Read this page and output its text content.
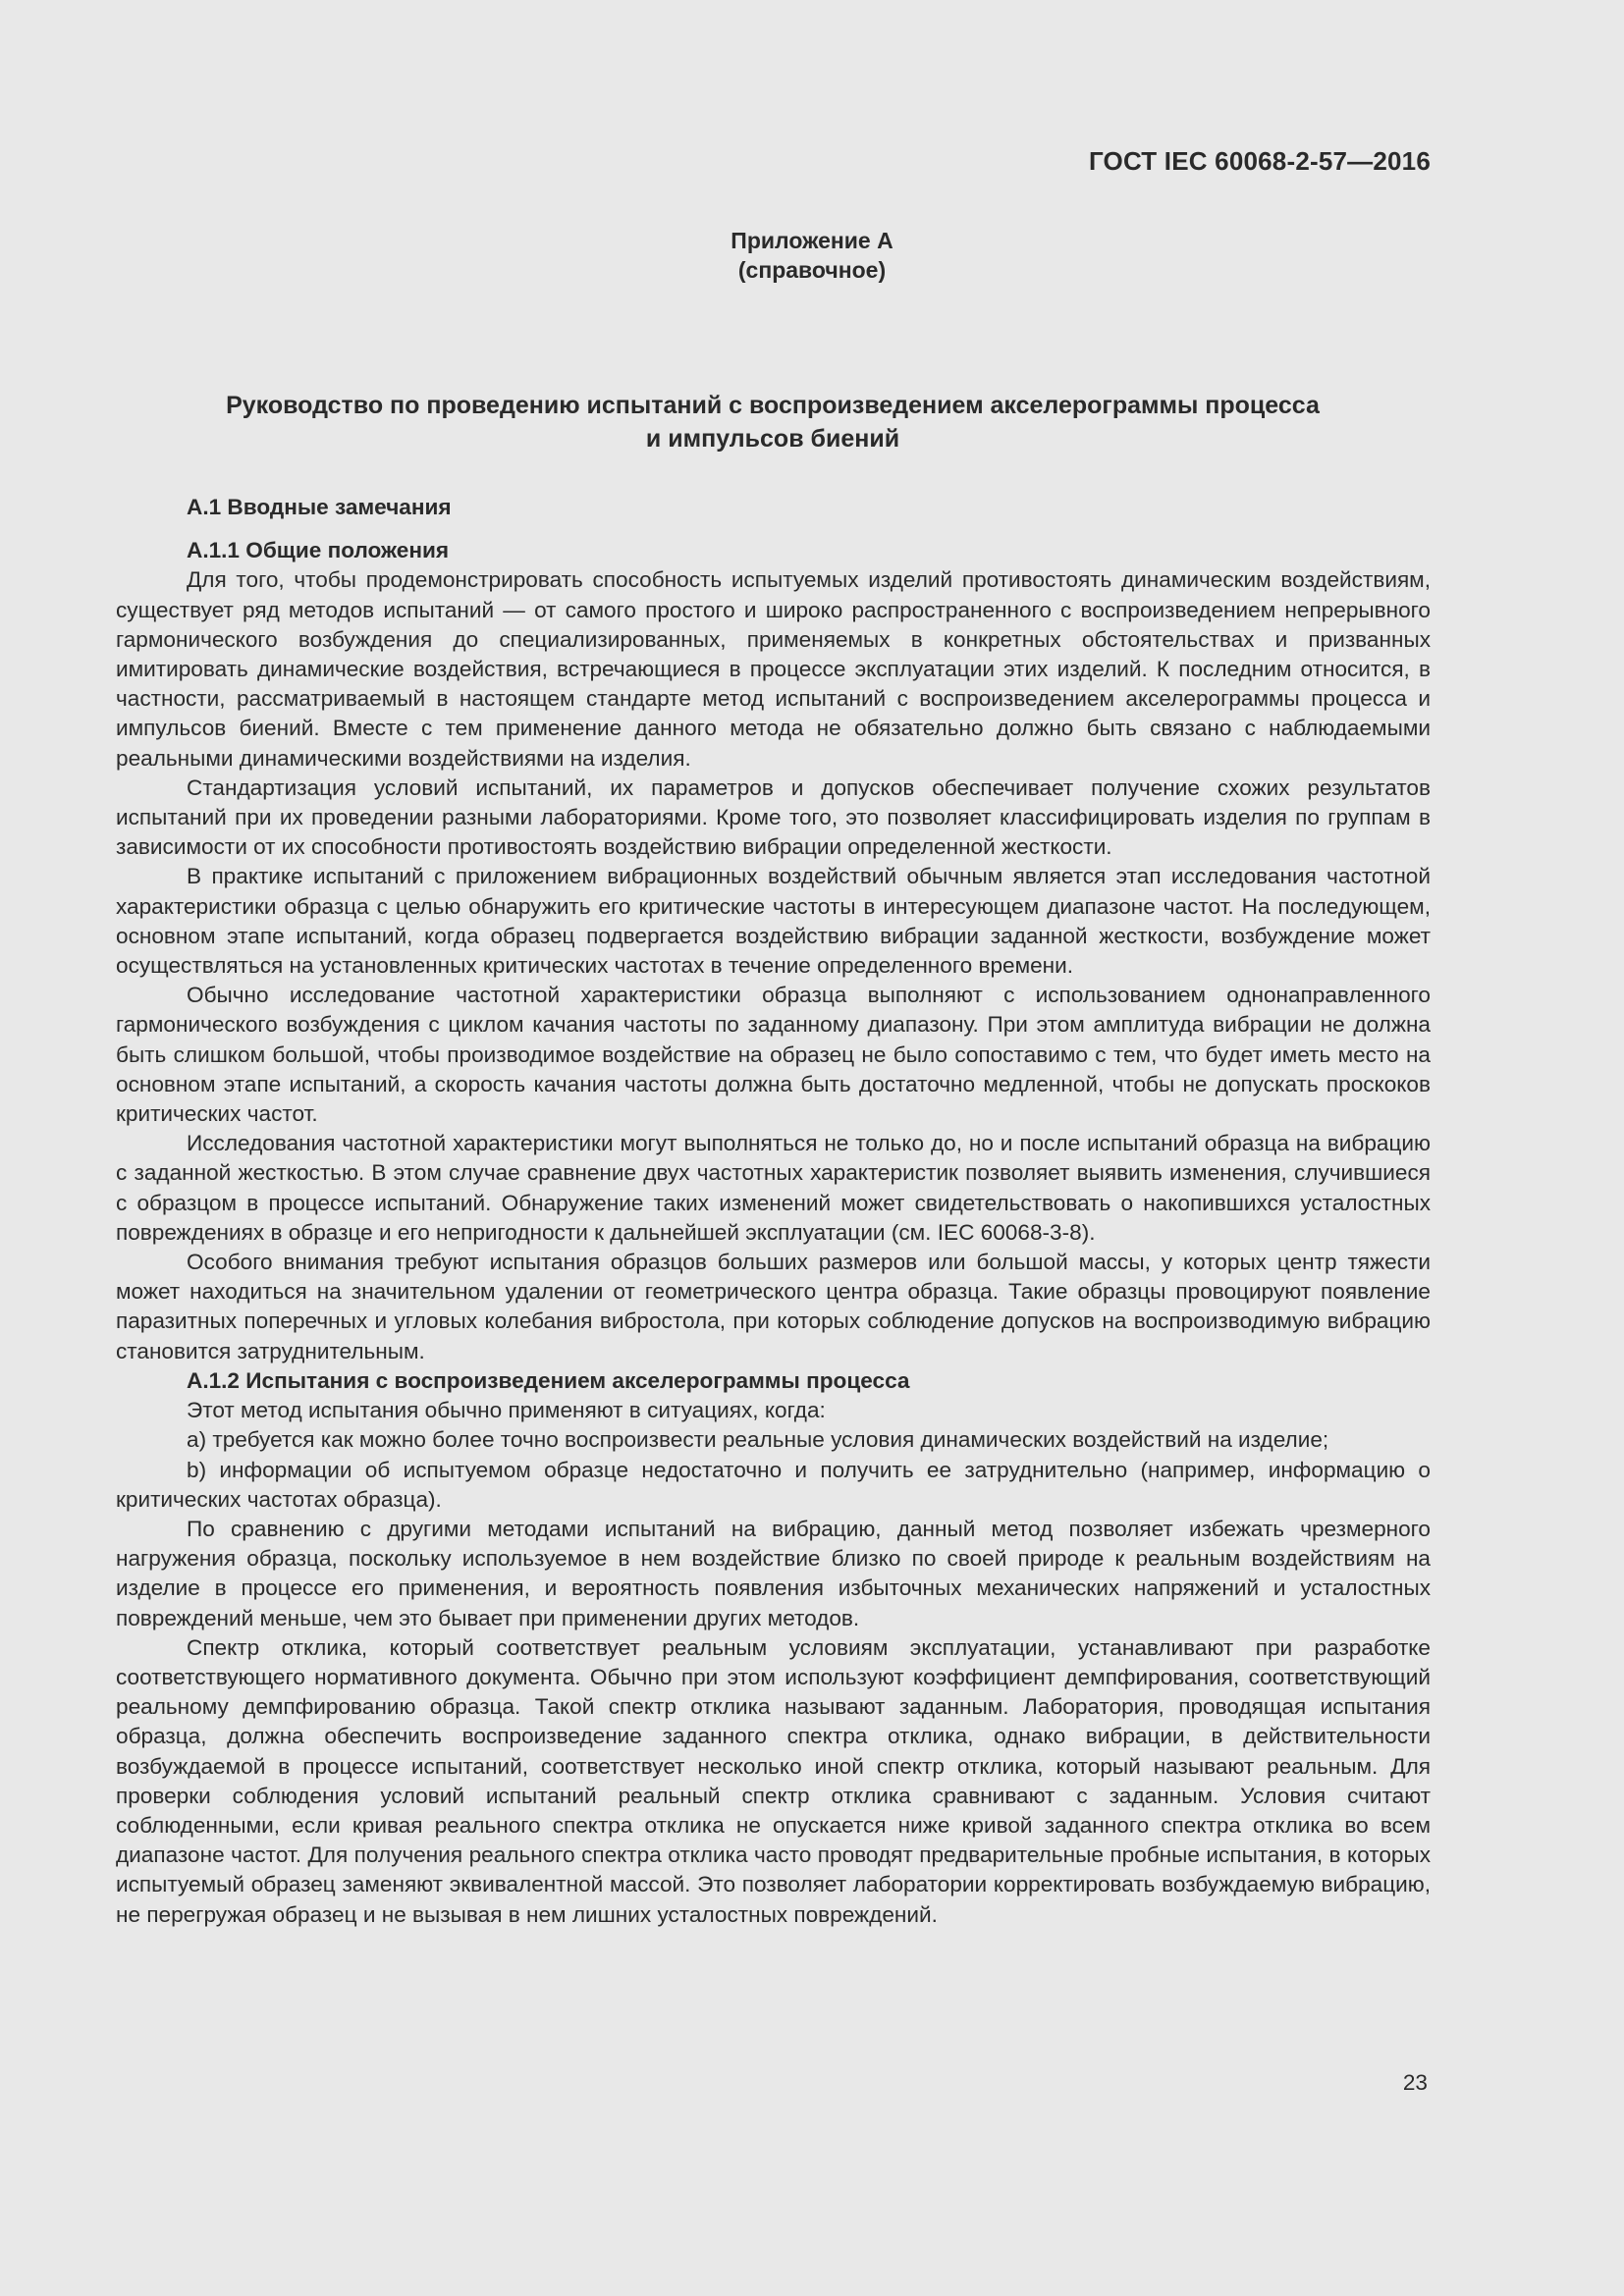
ГОСТ IEC 60068-2-57—2016
Приложение А
(справочное)
Руководство по проведению испытаний с воспроизведением акселерограммы процесса
и импульсов биений
А.1 Вводные замечания
А.1.1 Общие положения

Для того, чтобы продемонстрировать способность испытуемых изделий противостоять динамическим воздействиям, существует ряд методов испытаний — от самого простого и широко распространенного с воспроизведением непрерывного гармонического возбуждения до специализированных, применяемых в конкретных обстоятельствах и призванных имитировать динамические воздействия, встречающиеся в процессе эксплуатации этих изделий. К последним относится, в частности, рассматриваемый в настоящем стандарте метод испытаний с воспроизведением акселерограммы процесса и импульсов биений. Вместе с тем применение данного метода не обязательно должно быть связано с наблюдаемыми реальными динамическими воздействиями на изделия.

Стандартизация условий испытаний, их параметров и допусков обеспечивает получение схожих результатов испытаний при их проведении разными лабораториями. Кроме того, это позволяет классифицировать изделия по группам в зависимости от их способности противостоять воздействию вибрации определенной жесткости.

В практике испытаний с приложением вибрационных воздействий обычным является этап исследования частотной характеристики образца с целью обнаружить его критические частоты в интересующем диапазоне частот. На последующем, основном этапе испытаний, когда образец подвергается воздействию вибрации заданной жесткости, возбуждение может осуществляться на установленных критических частотах в течение определенного времени.

Обычно исследование частотной характеристики образца выполняют с использованием однонаправленного гармонического возбуждения с циклом качания частоты по заданному диапазону. При этом амплитуда вибрации не должна быть слишком большой, чтобы производимое воздействие на образец не было сопоставимо с тем, что будет иметь место на основном этапе испытаний, а скорость качания частоты должна быть достаточно медленной, чтобы не допускать проскоков критических частот.

Исследования частотной характеристики могут выполняться не только до, но и после испытаний образца на вибрацию с заданной жесткостью. В этом случае сравнение двух частотных характеристик позволяет выявить изменения, случившиеся с образцом в процессе испытаний. Обнаружение таких изменений может свидетельствовать о накопившихся усталостных повреждениях в образце и его непригодности к дальнейшей эксплуатации (см. IEC 60068-3-8).

Особого внимания требуют испытания образцов больших размеров или большой массы, у которых центр тяжести может находиться на значительном удалении от геометрического центра образца. Такие образцы провоцируют появление паразитных поперечных и угловых колебания вибростола, при которых соблюдение допусков на воспроизводимую вибрацию становится затруднительным.

А.1.2 Испытания с воспроизведением акселерограммы процесса

Этот метод испытания обычно применяют в ситуациях, когда:

а) требуется как можно более точно воспроизвести реальные условия динамических воздействий на изделие;

b) информации об испытуемом образце недостаточно и получить ее затруднительно (например, информацию о критических частотах образца).

По сравнению с другими методами испытаний на вибрацию, данный метод позволяет избежать чрезмерного нагружения образца, поскольку используемое в нем воздействие близко по своей природе к реальным воздействиям на изделие в процессе его применения, и вероятность появления избыточных механических напряжений и усталостных повреждений меньше, чем это бывает при применении других методов.

Спектр отклика, который соответствует реальным условиям эксплуатации, устанавливают при разработке соответствующего нормативного документа. Обычно при этом используют коэффициент демпфирования, соответствующий реальному демпфированию образца. Такой спектр отклика называют заданным. Лаборатория, проводящая испытания образца, должна обеспечить воспроизведение заданного спектра отклика, однако вибрации, в действительности возбуждаемой в процессе испытаний, соответствует несколько иной спектр отклика, который называют реальным. Для проверки соблюдения условий испытаний реальный спектр отклика сравнивают с заданным. Условия считают соблюденными, если кривая реального спектра отклика не опускается ниже кривой заданного спектра отклика во всем диапазоне частот. Для получения реального спектра отклика часто проводят предварительные пробные испытания, в которых испытуемый образец заменяют эквивалентной массой. Это позволяет лаборатории корректировать возбуждаемую вибрацию, не перегружая образец и не вызывая в нем лишних усталостных повреждений.

23
